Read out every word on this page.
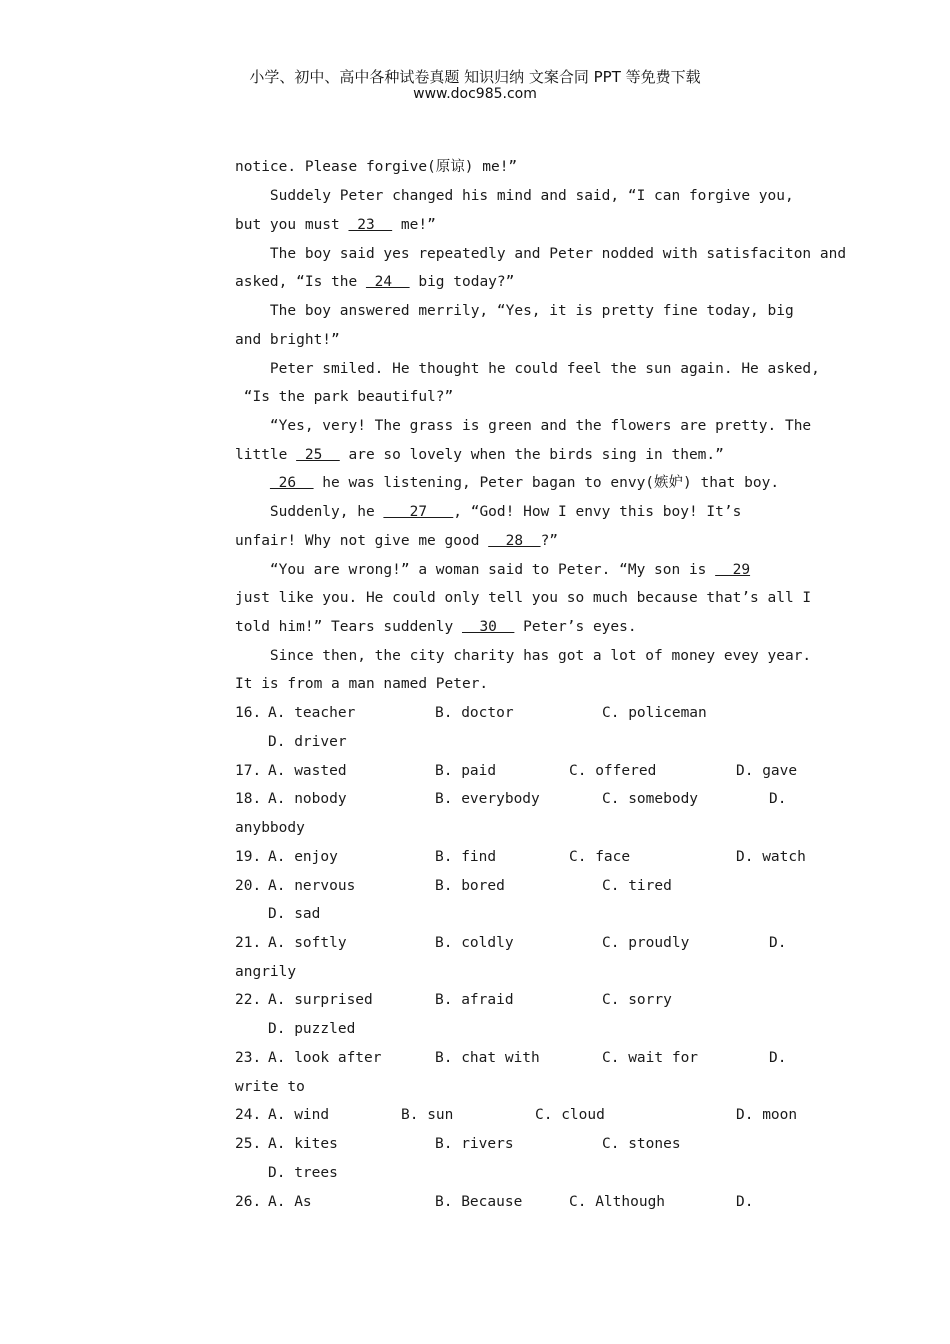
小学、初中、高中各种试卷真题 知识归纳 文案合同 PPT 等免费下载
www.doc985.com
notice. Please forgive(原谅) me!”
Suddely Peter changed his mind and said, “I can forgive you,
but you must  23   me!”
The boy said yes repeatedly and Peter nodded with satisfaciton and
asked, “Is the  24   big today?”
The boy answered merrily, “Yes, it is pretty fine today, big
and bright!”
Peter smiled. He thought he could feel the sun again. He asked,
“Is the park beautiful?”
“Yes, very! The grass is green and the flowers are pretty. The
little  25   are so lovely when the birds sing in them.”
26   he was listening, Peter bagan to envy(嫉妒) that boy.
Suddenly, he    27   , “God! How I envy this boy! It’s
unfair! Why not give me good   28  ?”
“You are wrong!” a woman said to Peter. “My son is   29
just like you. He could only tell you so much because that’s all I
told him!” Tears suddenly   30   Peter’s eyes.
Since then, the city charity has got a lot of money evey year.
It is from a man named Peter.
16. A. teacher	B. doctor	C. policeman
D. driver
17. A. wasted	B. paid	C. offered	D. gave
18. A. nobody	B. everybody	C. somebody	D.
anybbody
19. A. enjoy	B. find	C. face	D. watch
20. A. nervous	B. bored	C. tired
D. sad
21. A. softly	B. coldly	C. proudly	D.
angrily
22. A. surprised	B. afraid	C. sorry
D. puzzled
23. A. look after	B. chat with	C. wait for	D.
write to
24. A. wind	B. sun	C. cloud	D. moon
25. A. kites	B. rivers	C. stones
D. trees
26. A. As	B. Because	C. Although	D.
